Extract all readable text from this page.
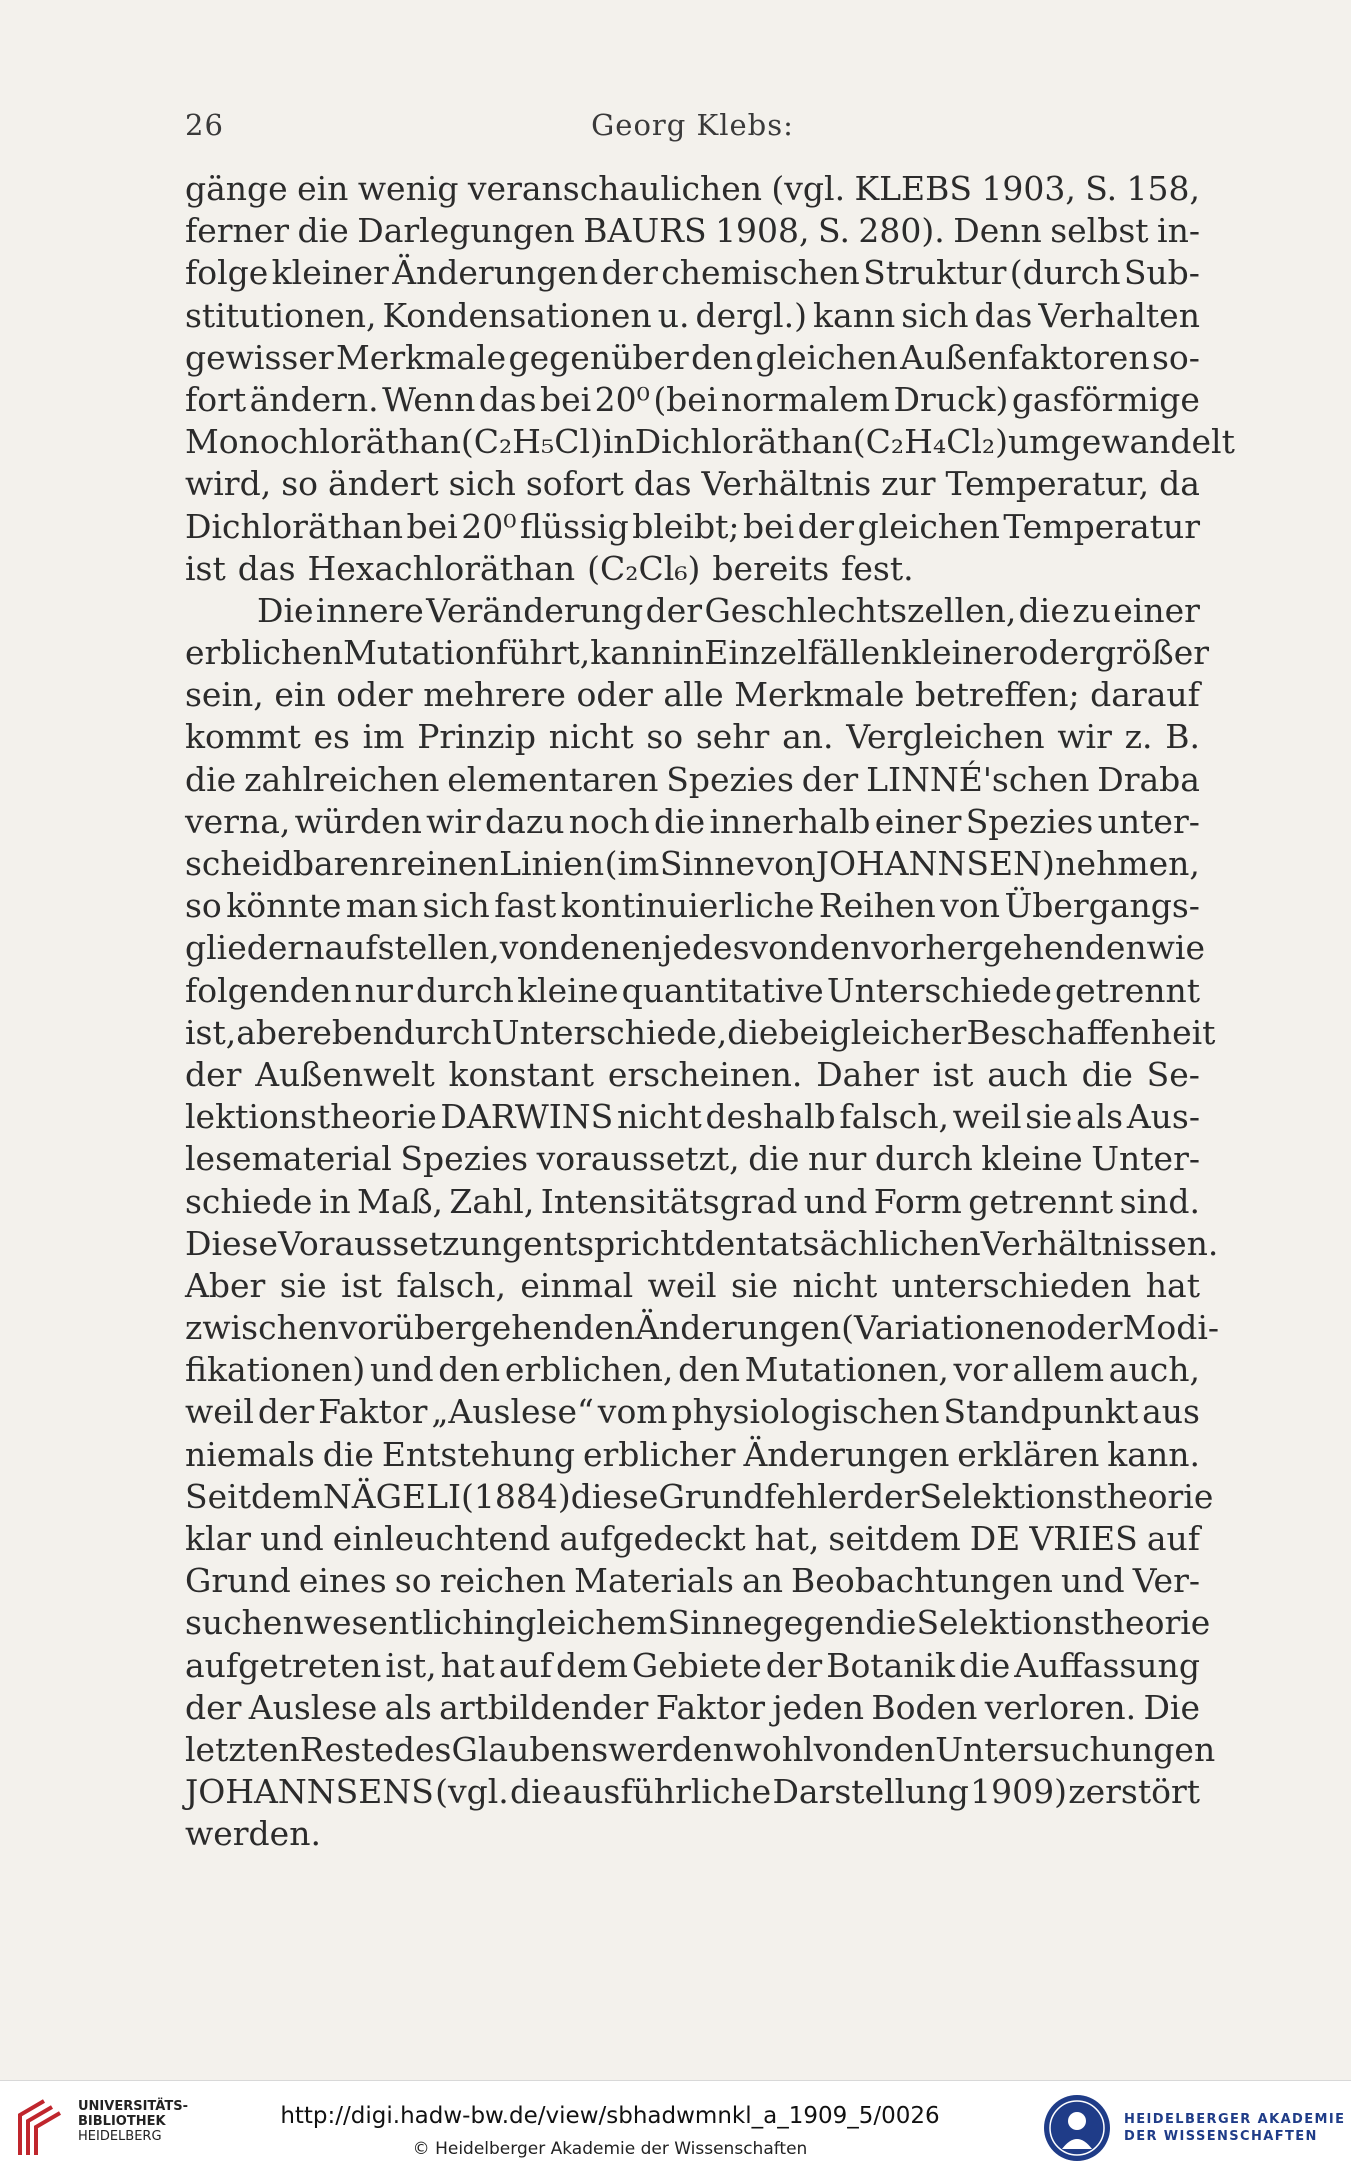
26	Georg Klebs:
gänge ein wenig veranschaulichen (vgl. KLEBS 1903, S. 158,
ferner die Darlegungen BAURS 1908, S. 280). Denn selbst in-
folge kleiner Änderungen der chemischen Struktur (durch Sub-
stitutionen, Kondensationen u. dergl.) kann sich das Verhalten
gewisser Merkmale gegenüber den gleichen Außenfaktoren so-
fort ändern. Wenn das bei 20⁰ (bei normalem Druck) gasförmige
Monochloräthan (C₂H₅Cl) in Dichloräthan (C₂H₄Cl₂) umgewandelt
wird, so ändert sich sofort das Verhältnis zur Temperatur, da
Dichloräthan bei 20⁰ flüssig bleibt; bei der gleichen Temperatur
ist das Hexachloräthan (C₂Cl₆) bereits fest.
Die innere Veränderung der Geschlechtszellen, die zu einer
erblichen Mutation führt, kann in Einzelfällen kleiner oder größer
sein, ein oder mehrere oder alle Merkmale betreffen; darauf
kommt es im Prinzip nicht so sehr an. Vergleichen wir z. B.
die zahlreichen elementaren Spezies der LINNÉ'schen Draba
verna, würden wir dazu noch die innerhalb einer Spezies unter-
scheidbaren reinen Linien (im Sinne von JOHANNSEN) nehmen,
so könnte man sich fast kontinuierliche Reihen von Übergangs-
gliedern aufstellen, von denen jedes von den vorhergehenden wie
folgenden nur durch kleine quantitative Unterschiede getrennt
ist, aber eben durch Unterschiede, die bei gleicher Beschaffenheit
der Außenwelt konstant erscheinen. Daher ist auch die Se-
lektionstheorie DARWINS nicht deshalb falsch, weil sie als Aus-
lesematerial Spezies voraussetzt, die nur durch kleine Unter-
schiede in Maß, Zahl, Intensitätsgrad und Form getrennt sind.
Diese Voraussetzung entspricht den tatsächlichen Verhältnissen.
Aber sie ist falsch, einmal weil sie nicht unterschieden hat
zwischen vorübergehenden Änderungen (Variationen oder Modi-
fikationen) und den erblichen, den Mutationen, vor allem auch,
weil der Faktor „Auslese“ vom physiologischen Standpunkt aus
niemals die Entstehung erblicher Änderungen erklären kann.
Seitdem NÄGELI (1884) diese Grundfehler der Selektionstheorie
klar und einleuchtend aufgedeckt hat, seitdem DE VRIES auf
Grund eines so reichen Materials an Beobachtungen und Ver-
suchen wesentlich in gleichem Sinne gegen die Selektionstheorie
aufgetreten ist, hat auf dem Gebiete der Botanik die Auffassung
der Auslese als artbildender Faktor jeden Boden verloren. Die
letzten Reste des Glaubens werden wohl von den Untersuchungen
JOHANNSENS (vgl. die ausführliche Darstellung 1909) zerstört
werden.
UNIVERSITÄTS-
BIBLIOTHEK
HEIDELBERG
http://digi.hadw-bw.de/view/sbhadwmnkl_a_1909_5/0026
© Heidelberger Akademie der Wissenschaften
HEIDELBERGER AKADEMIE
DER WISSENSCHAFTEN
